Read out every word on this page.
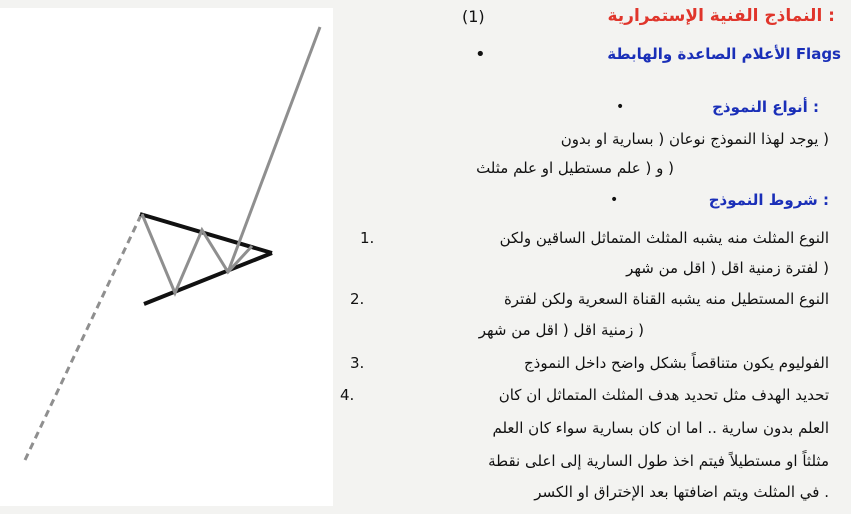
: النماذج الفنية الإستمرارية
(1)
Flags الأعلام الصاعدة والهابطة
•
: أنواع النموذج
•
( يوجد لهذا النموذج نوعان ( بسارية او بدون
( و ( علم مستطيل او علم مثلث
: شروط النموذج
•
النوع المثلث منه يشبه المثلث المتماثل الساقين ولكن
1.
( لفترة زمنية اقل ( اقل من شهر
النوع المستطيل منه يشبه القناة السعرية ولكن لفترة
2.
( زمنية اقل ( اقل من شهر
الفوليوم يكون متناقصاً بشكل واضح داخل النموذج
3.
تحديد الهدف مثل تحديد هدف المثلث المتماثل ان كان
4.
العلم بدون سارية .. اما ان كان بسارية سواء كان العلم
مثلثاً او مستطيلاً فيتم اخذ طول السارية إلى اعلى نقطة
. في المثلث ويتم اضافتها بعد الإختراق او الكسر
